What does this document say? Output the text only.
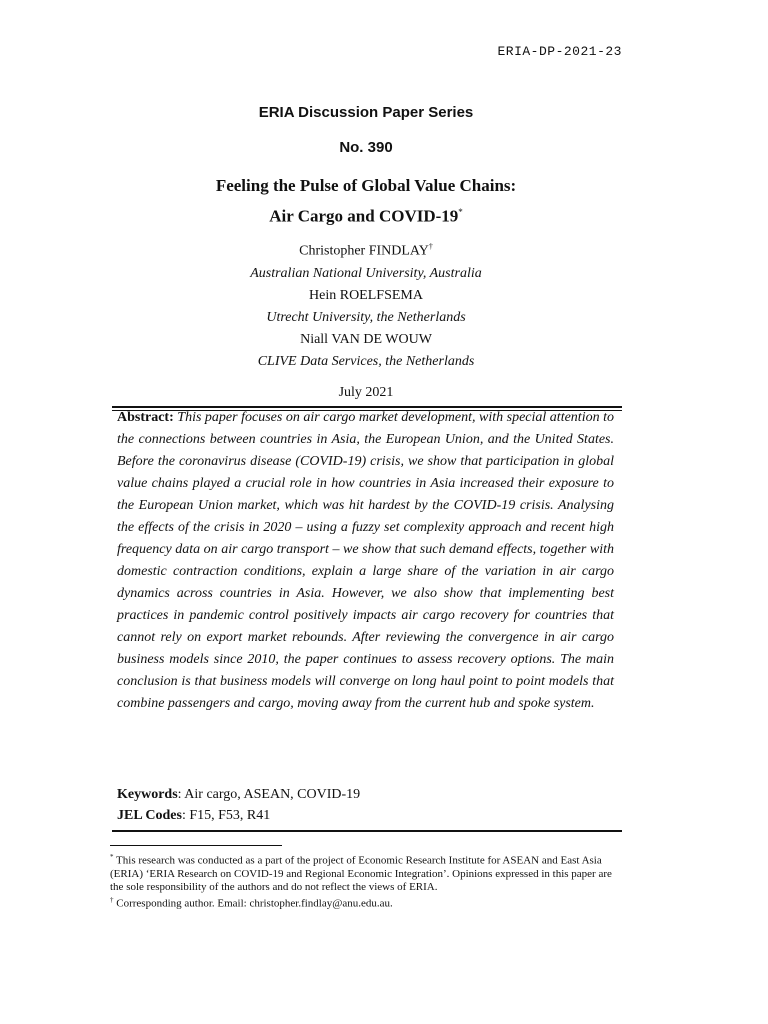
ERIA-DP-2021-23
ERIA Discussion Paper Series
No. 390
Feeling the Pulse of Global Value Chains:
Air Cargo and COVID-19*
Christopher FINDLAY†
Australian National University, Australia
Hein ROELFSEMA
Utrecht University, the Netherlands
Niall VAN DE WOUW
CLIVE Data Services, the Netherlands
July 2021
Abstract: This paper focuses on air cargo market development, with special attention to the connections between countries in Asia, the European Union, and the United States. Before the coronavirus disease (COVID-19) crisis, we show that participation in global value chains played a crucial role in how countries in Asia increased their exposure to the European Union market, which was hit hardest by the COVID-19 crisis. Analysing the effects of the crisis in 2020 – using a fuzzy set complexity approach and recent high frequency data on air cargo transport – we show that such demand effects, together with domestic contraction conditions, explain a large share of the variation in air cargo dynamics across countries in Asia. However, we also show that implementing best practices in pandemic control positively impacts air cargo recovery for countries that cannot rely on export market rebounds. After reviewing the convergence in air cargo business models since 2010, the paper continues to assess recovery options. The main conclusion is that business models will converge on long haul point to point models that combine passengers and cargo, moving away from the current hub and spoke system.
Keywords: Air cargo, ASEAN, COVID-19
JEL Codes: F15, F53, R41
* This research was conducted as a part of the project of Economic Research Institute for ASEAN and East Asia (ERIA) ‘ERIA Research on COVID-19 and Regional Economic Integration’. Opinions expressed in this paper are the sole responsibility of the authors and do not reflect the views of ERIA.
† Corresponding author. Email: christopher.findlay@anu.edu.au.
